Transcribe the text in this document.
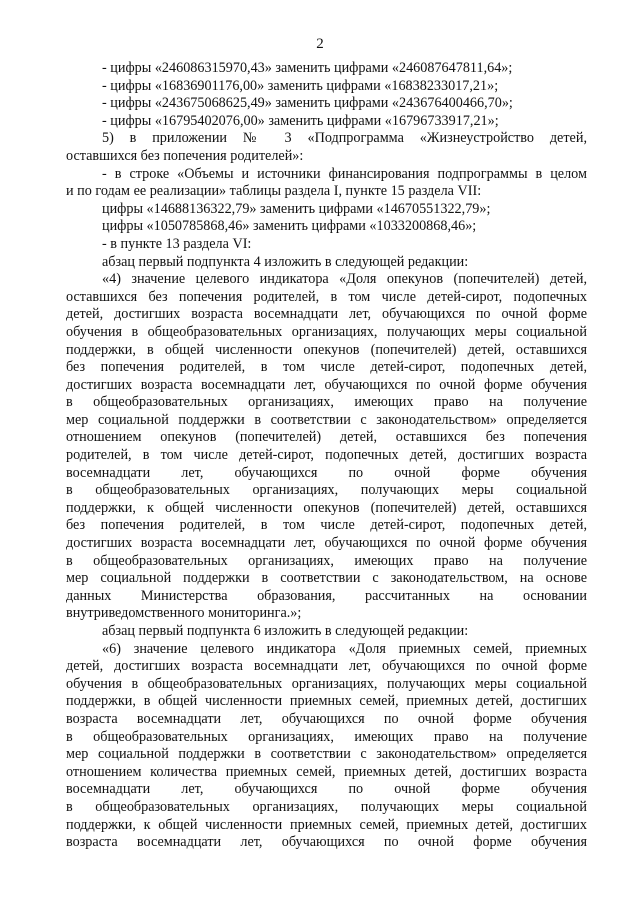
2
- цифры «246086315970,43» заменить цифрами «246087647811,64»;
- цифры «16836901176,00» заменить цифрами «16838233017,21»;
- цифры «243675068625,49» заменить цифрами «243676400466,70»;
- цифры «16795402076,00» заменить цифрами «16796733917,21»;
5) в приложении № 3 «Подпрограмма «Жизнеустройство детей,
оставшихся без попечения родителей»:
- в строке «Объемы и источники финансирования подпрограммы в целом
и по годам ее реализации» таблицы раздела I, пункте 15 раздела VII:
цифры «14688136322,79» заменить цифрами «14670551322,79»;
цифры «1050785868,46» заменить цифрами «1033200868,46»;
- в пункте 13 раздела VI:
абзац первый подпункта 4 изложить в следующей редакции:
«4) значение целевого индикатора «Доля опекунов (попечителей) детей,
оставшихся без попечения родителей, в том числе детей-сирот, подопечных
детей, достигших возраста восемнадцати лет, обучающихся по очной форме
обучения в общеобразовательных организациях, получающих меры социальной
поддержки, в общей численности опекунов (попечителей) детей, оставшихся
без попечения родителей, в том числе детей-сирот, подопечных детей,
достигших возраста восемнадцати лет, обучающихся по очной форме обучения
в общеобразовательных организациях, имеющих право на получение
мер социальной поддержки в соответствии с законодательством» определяется
отношением опекунов (попечителей) детей, оставшихся без попечения
родителей, в том числе детей-сирот, подопечных детей, достигших возраста
восемнадцати лет, обучающихся по очной форме обучения
в общеобразовательных организациях, получающих меры социальной
поддержки, к общей численности опекунов (попечителей) детей, оставшихся
без попечения родителей, в том числе детей-сирот, подопечных детей,
достигших возраста восемнадцати лет, обучающихся по очной форме обучения
в общеобразовательных организациях, имеющих право на получение
мер социальной поддержки в соответствии с законодательством, на основе
данных Министерства образования, рассчитанных на основании
внутриведомственного мониторинга.»;
абзац первый подпункта 6 изложить в следующей редакции:
«6) значение целевого индикатора «Доля приемных семей, приемных
детей, достигших возраста восемнадцати лет, обучающихся по очной форме
обучения в общеобразовательных организациях, получающих меры социальной
поддержки, в общей численности приемных семей, приемных детей, достигших
возраста восемнадцати лет, обучающихся по очной форме обучения
в общеобразовательных организациях, имеющих право на получение
мер социальной поддержки в соответствии с законодательством» определяется
отношением количества приемных семей, приемных детей, достигших возраста
восемнадцати лет, обучающихся по очной форме обучения
в общеобразовательных организациях, получающих меры социальной
поддержки, к общей численности приемных семей, приемных детей, достигших
возраста восемнадцати лет, обучающихся по очной форме обучения
